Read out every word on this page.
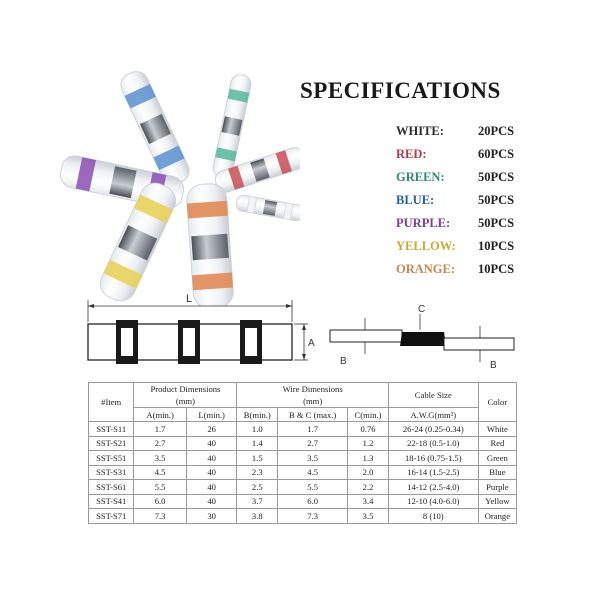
SPECIFICATIONS
WHITE:	20PCS
RED:	60PCS
GREEN:	50PCS
BLUE:	50PCS
PURPLE: 50PCS
YELLOW: 10PCS
ORANGE: 10PCS
L
A
B
C
B
#Item	Product Dimensions
(mm)		Wire Dimensions
(mm)			Cable Size	Color
	A(min.)	L(min.)	B(min.)	B & C (max.)	C(min.)	A.W.G(mm²)	
SST-S11	1.7	26	1.0	1.7	0.76	26-24 (0.25-0.34)	White
SST-S21	2.7	40	1.4	2.7	1.2	22-18 (0.5-1.0)	Red
SST-S51	3.5	40	1.5	3.5	1.3	18-16 (0.75-1.5)	Green
SST-S31	4.5	40	2.3	4.5	2.0	16-14 (1.5-2.5)	Blue
SST-S61	5.5	40	2.5	5.5	2.2	14-12 (2.5-4.0)	Purple
SST-S41	6.0	40	3.7	6.0	3.4	12-10 (4.0-6.0)	Yellow
SST-S71	7.3	30	3.8	7.3	3.5	8 (10)	Orange
